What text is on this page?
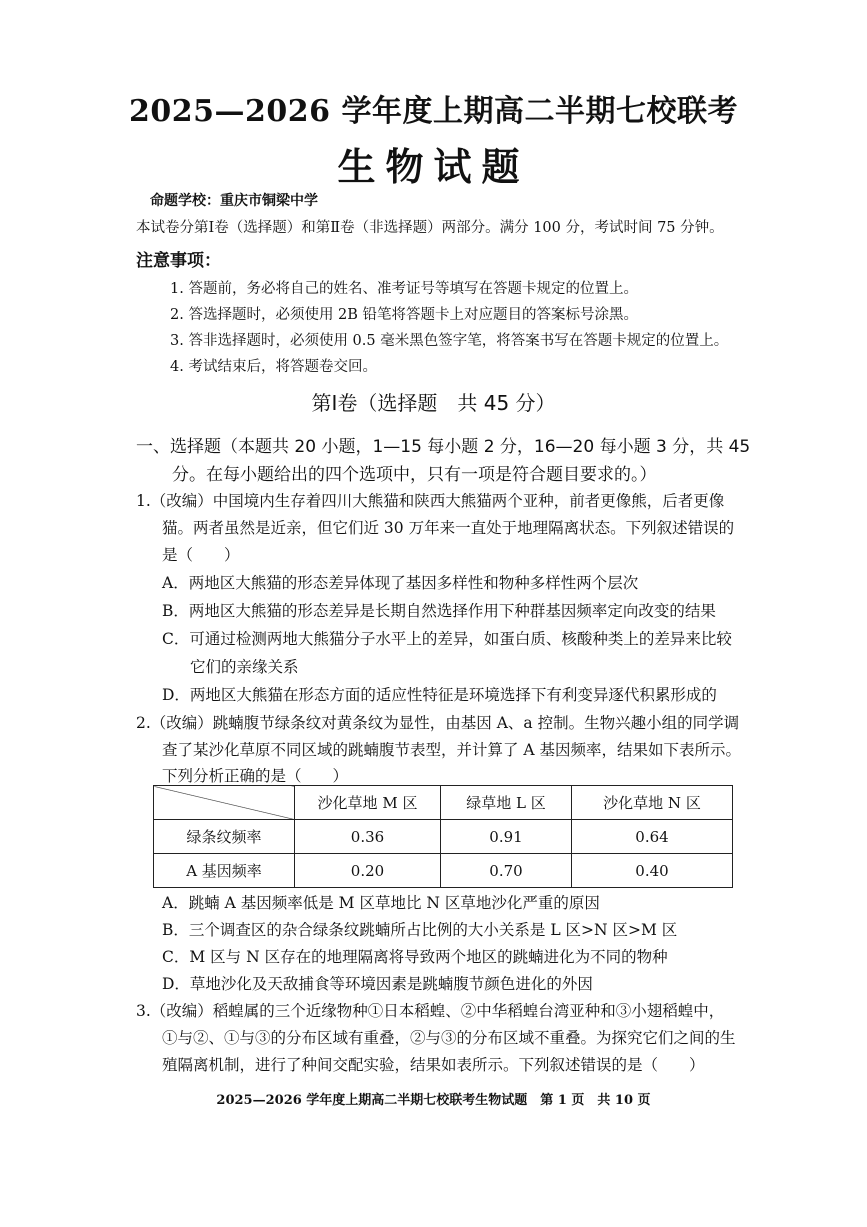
2025—2026 学年度上期高二半期七校联考
生物试题
命题学校：重庆市铜梁中学
本试卷分第Ⅰ卷（选择题）和第Ⅱ卷（非选择题）两部分。满分 100 分，考试时间 75 分钟。
注意事项：
1. 答题前，务必将自己的姓名、准考证号等填写在答题卡规定的位置上。
2. 答选择题时，必须使用 2B 铅笔将答题卡上对应题目的答案标号涂黑。
3. 答非选择题时，必须使用 0.5 毫米黑色签字笔，将答案书写在答题卡规定的位置上。
4. 考试结束后，将答题卷交回。
第Ⅰ卷（选择题　共 45 分）
一、选择题（本题共 20 小题，1—15 每小题 2 分，16—20 每小题 3 分，共 45
分。在每小题给出的四个选项中，只有一项是符合题目要求的。）
1.（改编）中国境内生存着四川大熊猫和陕西大熊猫两个亚种，前者更像熊，后者更像
猫。两者虽然是近亲，但它们近 30 万年来一直处于地理隔离状态。下列叙述错误的
是（　　）
A．两地区大熊猫的形态差异体现了基因多样性和物种多样性两个层次
B．两地区大熊猫的形态差异是长期自然选择作用下种群基因频率定向改变的结果
C．可通过检测两地大熊猫分子水平上的差异，如蛋白质、核酸种类上的差异来比较
它们的亲缘关系
D．两地区大熊猫在形态方面的适应性特征是环境选择下有利变异逐代积累形成的
2.（改编）跳蝻腹节绿条纹对黄条纹为显性，由基因 A、a 控制。生物兴趣小组的同学调
查了某沙化草原不同区域的跳蝻腹节表型，并计算了 A 基因频率，结果如下表所示。
下列分析正确的是（　　）
	沙化草地 M 区	绿草地 L 区	沙化草地 N 区
绿条纹频率	0.36	0.91	0.64
A 基因频率	0.20	0.70	0.40
A．跳蝻 A 基因频率低是 M 区草地比 N 区草地沙化严重的原因
B．三个调查区的杂合绿条纹跳蝻所占比例的大小关系是 L 区>N 区>M 区
C．M 区与 N 区存在的地理隔离将导致两个地区的跳蝻进化为不同的物种
D．草地沙化及天敌捕食等环境因素是跳蝻腹节颜色进化的外因
3.（改编）稻蝗属的三个近缘物种①日本稻蝗、②中华稻蝗台湾亚种和③小翅稻蝗中，
①与②、①与③的分布区域有重叠，②与③的分布区域不重叠。为探究它们之间的生
殖隔离机制，进行了种间交配实验，结果如表所示。下列叙述错误的是（　　）
2025—2026 学年度上期高二半期七校联考生物试题　第 1 页　共 10 页
